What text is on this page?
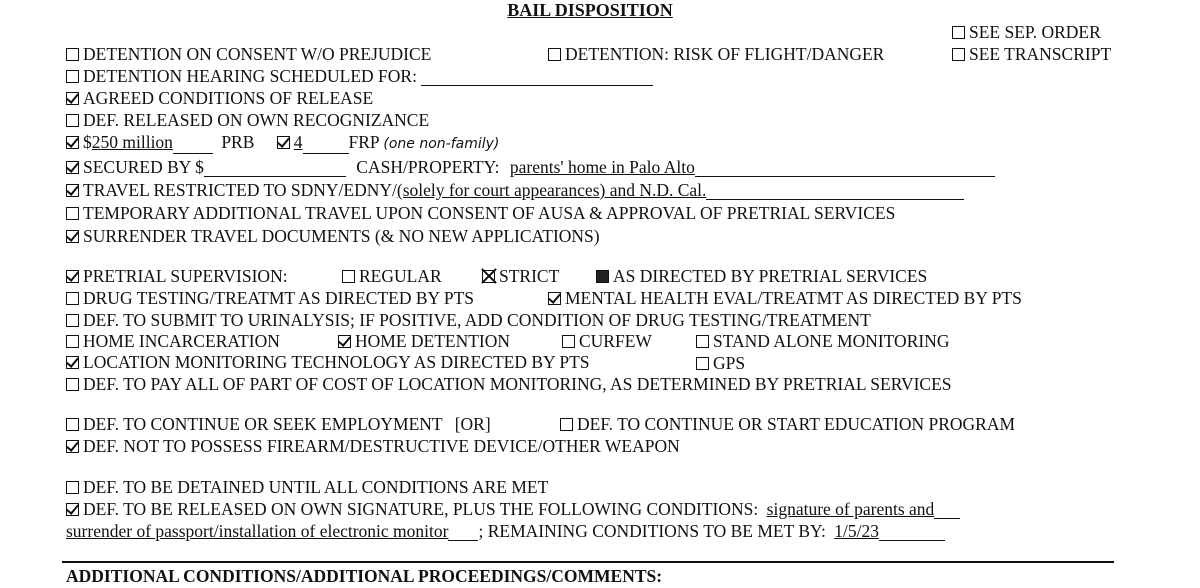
BAIL DISPOSITION
SEE SEP. ORDER
SEE TRANSCRIPT
DETENTION ON CONSENT W/O PREJUDICE	DETENTION: RISK OF FLIGHT/DANGER
DETENTION HEARING SCHEDULED FOR:
AGREED CONDITIONS OF RELEASE
DEF. RELEASED ON OWN RECOGNIZANCE
$250 million	PRB 4	FRP (one non-family)
SECURED BY $	CASH/PROPERTY: parents' home in Palo Alto
TRAVEL RESTRICTED TO SDNY/EDNY/(solely for court appearances) and N.D. Cal.
TEMPORARY ADDITIONAL TRAVEL UPON CONSENT OF AUSA & APPROVAL OF PRETRIAL SERVICES
SURRENDER TRAVEL DOCUMENTS (& NO NEW APPLICATIONS)
PRETRIAL SUPERVISION:	REGULAR	STRICT	AS DIRECTED BY PRETRIAL SERVICES
DRUG TESTING/TREATMT AS DIRECTED BY PTS	MENTAL HEALTH EVAL/TREATMT AS DIRECTED BY PTS
DEF. TO SUBMIT TO URINALYSIS; IF POSITIVE, ADD CONDITION OF DRUG TESTING/TREATMENT
HOME INCARCERATION	HOME DETENTION	CURFEW	STAND ALONE MONITORING
LOCATION MONITORING TECHNOLOGY AS DIRECTED BY PTS	GPS
DEF. TO PAY ALL OF PART OF COST OF LOCATION MONITORING, AS DETERMINED BY PRETRIAL SERVICES
DEF. TO CONTINUE OR SEEK EMPLOYMENT [OR]	DEF. TO CONTINUE OR START EDUCATION PROGRAM
DEF. NOT TO POSSESS FIREARM/DESTRUCTIVE DEVICE/OTHER WEAPON
DEF. TO BE DETAINED UNTIL ALL CONDITIONS ARE MET
DEF. TO BE RELEASED ON OWN SIGNATURE, PLUS THE FOLLOWING CONDITIONS: signature of parents and
surrender of passport/installation of electronic monitor ; REMAINING CONDITIONS TO BE MET BY: 1/5/23
ADDITIONAL CONDITIONS/ADDITIONAL PROCEEDINGS/COMMENTS:
